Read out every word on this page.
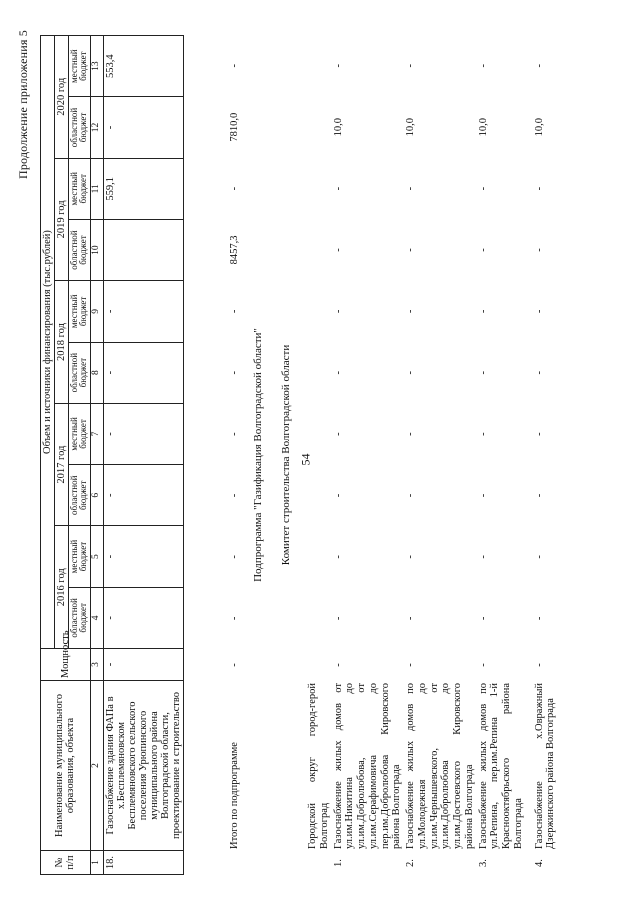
54
Продолжение приложения 5
№ п/п	Наименование муниципального образования, объекта	Мощность	Объем и источники финансирования (тыс.рублей)									
			2016 год		2017 год		2018 год		2019 год		2020 год	
			областной бюджет	местный бюджет	областной бюджет	местный бюджет	областной бюджет	местный бюджет	областной бюджет	местный бюджет	областной бюджет	местный бюджет
1	2	3	4	5	6	7	8	9	10	11	12	13
18.	Газоснабжение здания ФАПа в х.Бесплемяновском Бесплемяновского сельского поселения Урюпинского муниципального района Волгоградской области, проектирование и строительство	-	-	-	-	-	-	-		559,1	-	553,4
	Итого по подпрограмме	-	-	-	-	-	-	-	8457,3	-	7810,0	-
Подпрограмма "Газификация Волгоградской области" Комитет строительства Волгоградской области
	Городской округ город-герой Волгоград											
1.	Газоснабжение жилых домов от ул.им.Никитина до ул.им.Добролюбова, от ул.им.Серафимовича до пер.им.Добролюбова Кировского района Волгограда	-	-	-	-	-	-	-	-	-	10,0	-
2.	Газоснабжение жилых домов по ул.Молодежная до ул.им.Чернышевского, от ул.им.Добролюбова до ул.им.Достоевского Кировского района Волгограда	-	-	-	-	-	-	-	-	-	10,0	-
3.	Газоснабжение жилых домов по ул.Репина, пер.им.Репина 1-й Краснооктябрьского района Волгограда	-	-	-	-	-	-	-	-	-	10,0	-
4.	Газоснабжение х.Овражный Дзержинского района Волгограда	-	-	-	-	-	-	-	-	-	10,0	-
